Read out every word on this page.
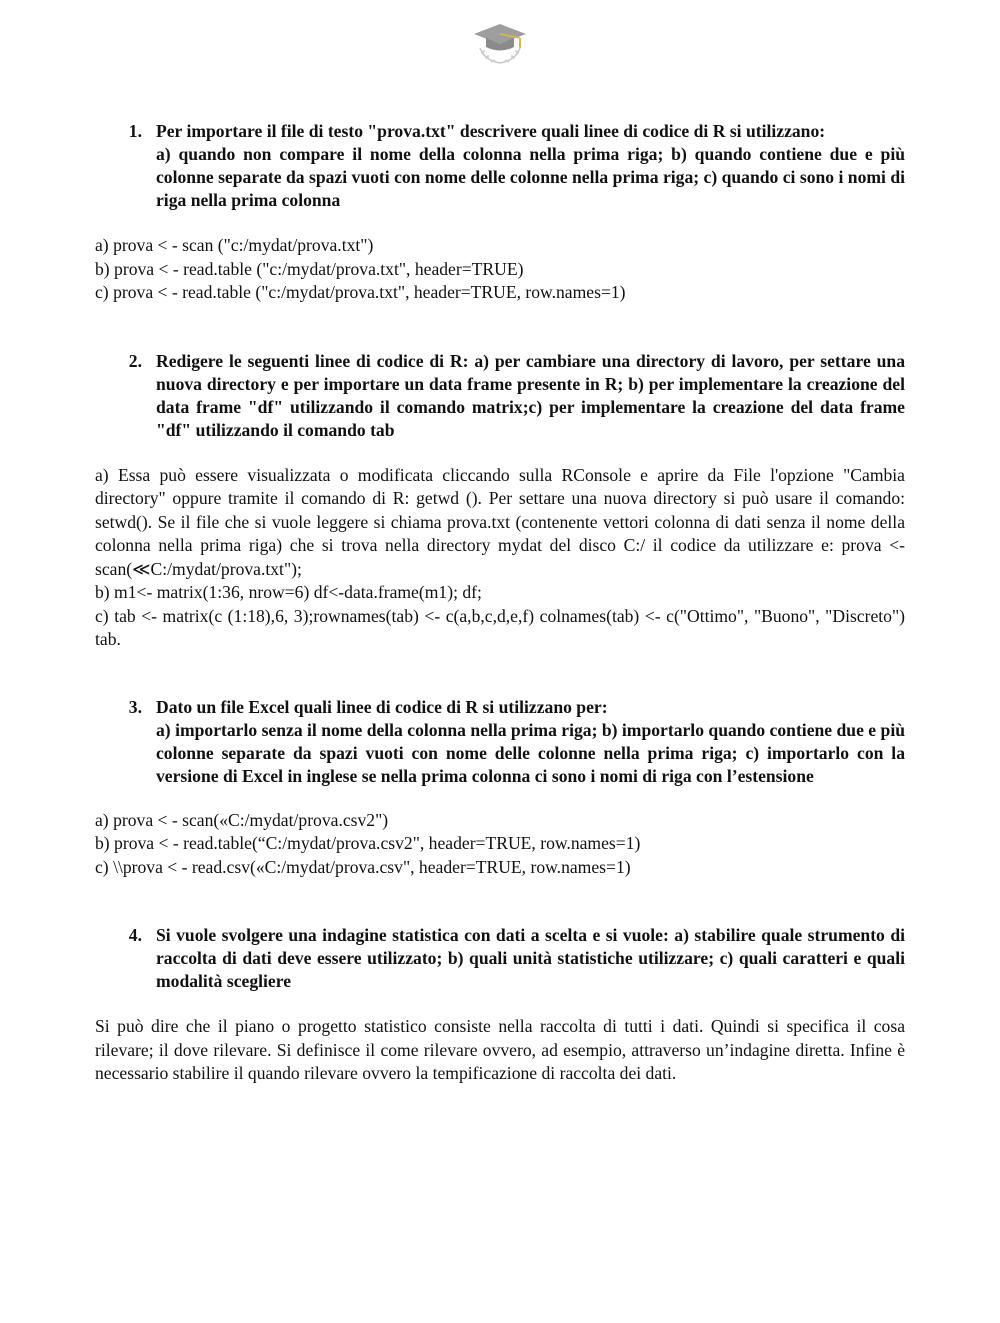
1. Per importare il file di testo "prova.txt" descrivere quali linee di codice di R si utilizzano:

a) quando non compare il nome della colonna nella prima riga; b) quando contiene due e più colonne separate da spazi vuoti con nome delle colonne nella prima riga; c) quando ci sono i nomi di riga nella prima colonna

a) prova < - scan ("c:/mydat/prova.txt")

b) prova < - read.table ("c:/mydat/prova.txt", header=TRUE)

c) prova < - read.table ("c:/mydat/prova.txt", header=TRUE, row.names=1)

2. Redigere le seguenti linee di codice di R: a) per cambiare una directory di lavoro, per settare una nuova directory e per importare un data frame presente in R; b) per implementare la creazione del data frame "df" utilizzando il comando matrix;c) per implementare la creazione del data frame "df" utilizzando il comando tab

a) Essa può essere visualizzata o modificata cliccando sulla RConsole e aprire da File l'opzione "Cambia directory" oppure tramite il comando di R: getwd (). Per settare una nuova directory si può usare il comando: setwd(). Se il file che si vuole leggere si chiama prova.txt (contenente vettori colonna di dati senza il nome della colonna nella prima riga) che si trova nella directory mydat del disco C:/ il codice da utilizzare e: prova <- scan(≪C:/mydat/prova.txt");

b) m1<- matrix(1:36, nrow=6) df<-data.frame(m1); df;

c) tab <- matrix(c (1:18),6, 3);rownames(tab) <- c(a,b,c,d,e,f) colnames(tab) <- c("Ottimo", "Buono", "Discreto") tab.

3. Dato un file Excel quali linee di codice di R si utilizzano per:

a) importarlo senza il nome della colonna nella prima riga; b) importarlo quando contiene due e più colonne separate da spazi vuoti con nome delle colonne nella prima riga; c) importarlo con la versione di Excel in inglese se nella prima colonna ci sono i nomi di riga con l’estensione

a) prova < - scan(«C:/mydat/prova.csv2")

b) prova < - read.table(“C:/mydat/prova.csv2", header=TRUE, row.names=1)

c) \\prova < - read.csv(«C:/mydat/prova.csv", header=TRUE, row.names=1)

4. Si vuole svolgere una indagine statistica con dati a scelta e si vuole: a) stabilire quale strumento di raccolta di dati deve essere utilizzato; b) quali unità statistiche utilizzare; c) quali caratteri e quali modalità scegliere

Si può dire che il piano o progetto statistico consiste nella raccolta di tutti i dati. Quindi si specifica il cosa rilevare; il dove rilevare. Si definisce il come rilevare ovvero, ad esempio, attraverso un’indagine diretta. Infine è necessario stabilire il quando rilevare ovvero la tempificazione di raccolta dei dati.
